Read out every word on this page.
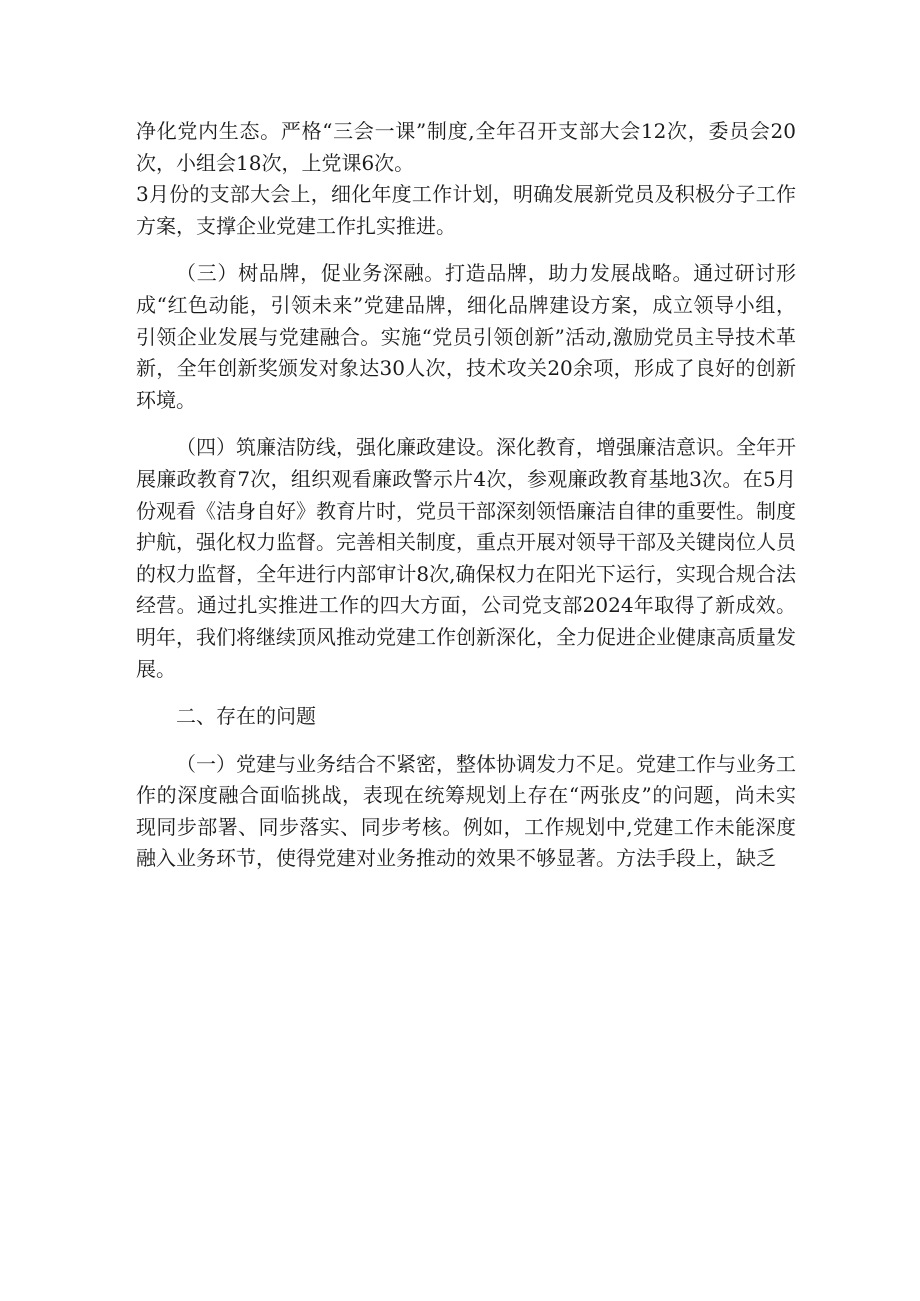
净化党内生态。严格“三会一课”制度,全年召开支部大会12次，委员会20次，小组会18次，上党课6次。

3月份的支部大会上，细化年度工作计划，明确发展新党员及积极分子工作方案，支撑企业党建工作扎实推进。

（三）树品牌，促业务深融。打造品牌，助力发展战略。通过研讨形成“红色动能，引领未来”党建品牌，细化品牌建设方案，成立领导小组，引领企业发展与党建融合。实施“党员引领创新”活动,激励党员主导技术革新，全年创新奖颁发对象达30人次，技术攻关20余项，形成了良好的创新环境。

（四）筑廉洁防线，强化廉政建设。深化教育，增强廉洁意识。全年开展廉政教育7次，组织观看廉政警示片4次，参观廉政教育基地3次。在5月份观看《洁身自好》教育片时，党员干部深刻领悟廉洁自律的重要性。制度护航，强化权力监督。完善相关制度，重点开展对领导干部及关键岗位人员的权力监督，全年进行内部审计8次,确保权力在阳光下运行，实现合规合法经营。通过扎实推进工作的四大方面，公司党支部2024年取得了新成效。明年，我们将继续顶风推动党建工作创新深化，全力促进企业健康高质量发展。

二、存在的问题

（一）党建与业务结合不紧密，整体协调发力不足。党建工作与业务工作的深度融合面临挑战，表现在统筹规划上存在“两张皮”的问题，尚未实现同步部署、同步落实、同步考核。例如，工作规划中,党建工作未能深度融入业务环节，使得党建对业务推动的效果不够显著。方法手段上，缺乏
